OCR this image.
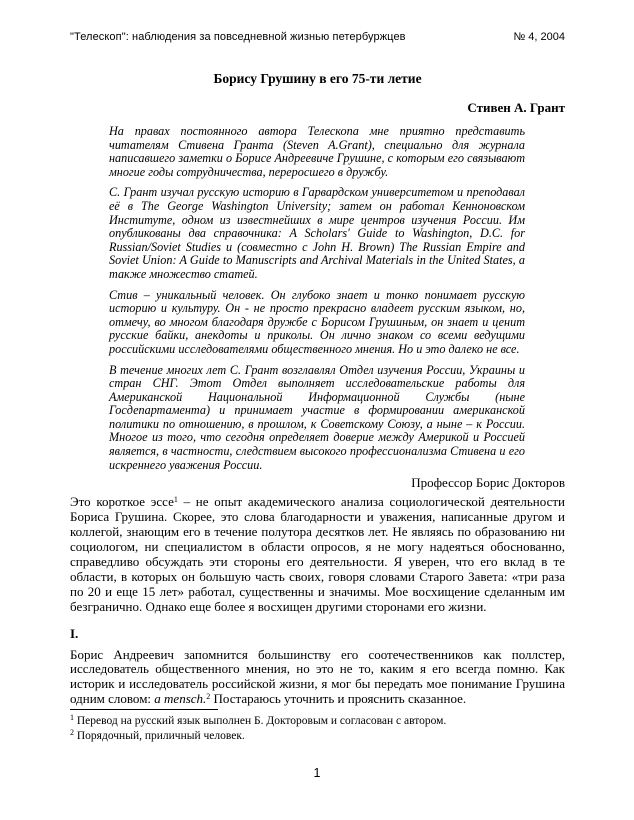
"Телескоп": наблюдения за повседневной жизнью петербуржцев	№ 4, 2004
Борису Грушину в его 75-ти летие
Стивен А. Грант

На правах постоянного автора Телескопа мне приятно представить читателям Стивена Гранта (Steven A.Grant), специально для журнала написавшего заметки о Борисе Андреевиче Грушине, с которым его связывают многие годы сотрудничества, переросшего в дружбу.

С. Грант изучал русскую историю в Гарвардском университетом и преподавал её в The George Washington University; затем он работал Кенноновском Институте, одном из известнейших в мире центров изучения России. Им опубликованы два справочника: A Scholars' Guide to Washington, D.C. for Russian/Soviet Studies и (совместно с John H. Brown) The Russian Empire and Soviet Union: A Guide to Manuscripts and Archival Materials in the United States, а также множество статей.

Стив – уникальный человек. Он глубоко знает и тонко понимает русскую историю и культуру. Он - не просто прекрасно владеет русским языком, но, отмечу, во многом благодаря дружбе с Борисом Грушиным, он знает и ценит русские байки, анекдоты и приколы. Он лично знаком со всеми ведущими российскими исследователями общественного мнения. Но и это далеко не все.

В течение многих лет С. Грант возглавлял Отдел изучения России, Украины и стран СНГ. Этот Отдел выполняет исследовательские работы для Американской Национальной Информационной Службы (ныне Госдепартамента) и принимает участие в формировании американской политики по отношению, в прошлом, к Советскому Союзу, а ныне – к России. Многое из того, что сегодня определяет доверие между Америкой и Россией является, в частности, следствием высокого профессионализма Стивена и его искреннего уважения России.

Профессор Борис Докторов

Это короткое эссе$^1$ – не опыт академического анализа социологической деятельности Бориса Грушина. Скорее, это слова благодарности и уважения, написанные другом и коллегой, знающим его в течение полутора десятков лет. Не являясь по образованию ни социологом, ни специалистом в области опросов, я не могу надеяться обоснованно, справедливо обсуждать эти стороны его деятельности. Я уверен, что его вклад в те области, в которых он большую часть своих, говоря словами Старого Завета: «три раза по 20 и еще 15 лет» работал, существенны и значимы. Мое восхищение сделанным им безгранично. Однако еще более я восхищен другими сторонами его жизни.

I.

Борис Андреевич запомнится большинству его соотечественников как поллстер, исследователь общественного мнения, но это не то, каким я его всегда помню. Как историк и исследователь российской жизни, я мог бы передать мое понимание Грушина одним словом: a mensch.$^2$ Постараюсь уточнить и прояснить сказанное.

$^1$ Перевод на русский язык выполнен Б. Докторовым и согласован с автором.
$^2$ Порядочный, приличный человек.
1
